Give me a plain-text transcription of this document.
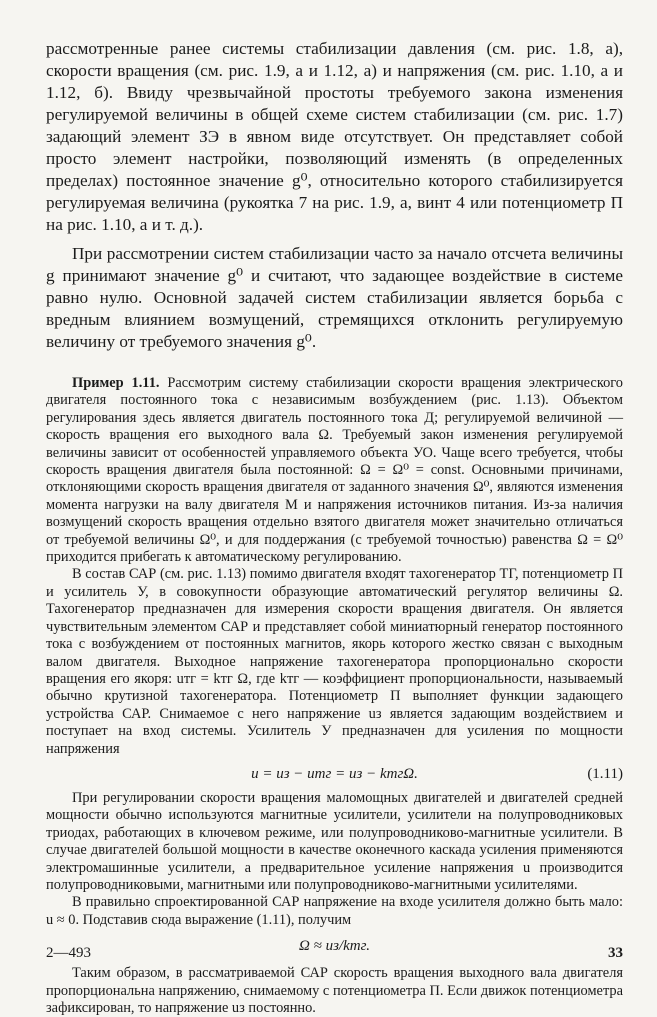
рассмотренные ранее системы стабилизации давления (см. рис. 1.8, а), скорости вращения (см. рис. 1.9, а и 1.12, а) и напряжения (см. рис. 1.10, а и 1.12, б). Ввиду чрезвычайной простоты требуемого закона изменения регулируемой величины в общей схеме систем стабилизации (см. рис. 1.7) задающий элемент ЗЭ в явном виде отсутствует. Он представляет собой просто элемент настройки, позволяющий изменять (в определенных пределах) постоянное значение g⁰, относительно которого стабилизируется регулируемая величина (рукоятка 7 на рис. 1.9, а, винт 4 или потенциометр П на рис. 1.10, а и т. д.).

При рассмотрении систем стабилизации часто за начало отсчета величины g принимают значение g⁰ и считают, что задающее воздействие в системе равно нулю. Основной задачей систем стабилизации является борьба с вредным влиянием возмущений, стремящихся отклонить регулируемую величину от требуемого значения g⁰.

Пример 1.11. Рассмотрим систему стабилизации скорости вращения электрического двигателя постоянного тока с независимым возбуждением (рис. 1.13). Объектом регулирования здесь является двигатель постоянного тока Д; регулируемой величиной — скорость вращения его выходного вала Ω. Требуемый закон изменения регулируемой величины зависит от особенностей управляемого объекта УО. Чаще всего требуется, чтобы скорость вращения двигателя была постоянной: Ω = Ω⁰ = const. Основными причинами, отклоняющими скорость вращения двигателя от заданного значения Ω⁰, являются изменения момента нагрузки на валу двигателя M и напряжения источников питания. Из-за наличия возмущений скорость вращения отдельно взятого двигателя может значительно отличаться от требуемой величины Ω⁰, и для поддержания (с требуемой точностью) равенства Ω = Ω⁰ приходится прибегать к автоматическому регулированию.

В состав САР (см. рис. 1.13) помимо двигателя входят тахогенератор ТГ, потенциометр П и усилитель У, в совокупности образующие автоматический регулятор величины Ω. Тахогенератор предназначен для измерения скорости вращения двигателя. Он является чувствительным элементом САР и представляет собой миниатюрный генератор постоянного тока с возбуждением от постоянных магнитов, якорь которого жестко связан с выходным валом двигателя. Выходное напряжение тахогенератора пропорционально скорости вращения его якоря: uтг = kтг Ω, где kтг — коэффициент пропорциональности, называемый обычно крутизной тахогенератора. Потенциометр П выполняет функции задающего устройства САР. Снимаемое с него напряжение uз является задающим воздействием и поступает на вход системы. Усилитель У предназначен для усиления по мощности напряжения

u = uз − uтг = uз − kтгΩ.	(1.11)

При регулировании скорости вращения маломощных двигателей и двигателей средней мощности обычно используются магнитные усилители, усилители на полупроводниковых триодах, работающих в ключевом режиме, или полупроводниково-магнитные усилители. В случае двигателей большой мощности в качестве оконечного каскада усиления применяются электромашинные усилители, а предварительное усиление напряжения u производится полупроводниковыми, магнитными или полупроводниково-магнитными усилителями.

В правильно спроектированной САР напряжение на входе усилителя должно быть мало: u ≈ 0. Подставив сюда выражение (1.11), получим

Ω ≈ uз/kтг.

Таким образом, в рассматриваемой САР скорость вращения выходного вала двигателя пропорциональна напряжению, снимаемому с потенциометра П. Если движок потенциометра зафиксирован, то напряжение uз постоянно.

2—493	33
